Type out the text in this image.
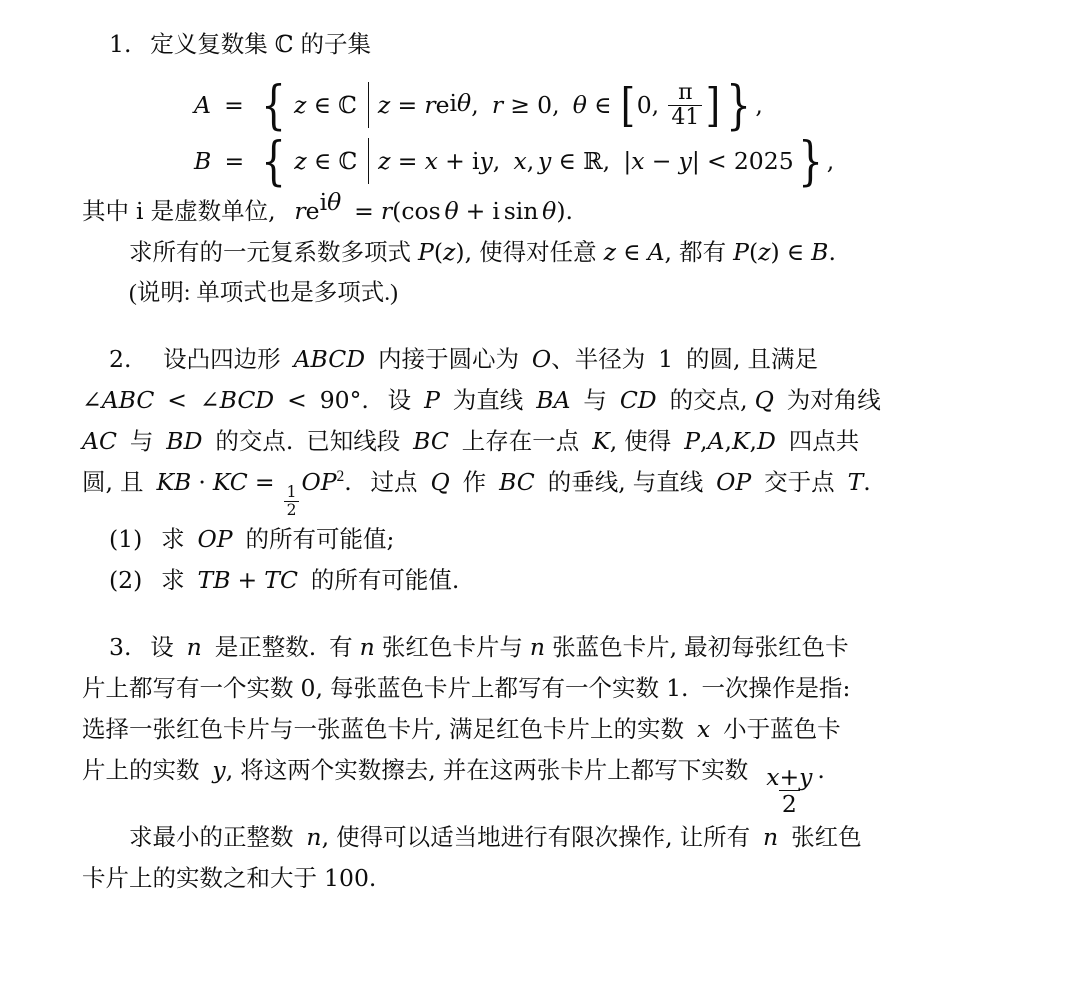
1. 定义复数集 ℂ 的子集
A = { z ∈ ℂ z = r e iθ , r ≥ 0 , θ ∈ [ 0 , $\frac{\pi}{41}$ ] } ,
B = { z ∈ ℂ z = x + i y , x , y ∈ ℝ , | x − y | < 2025 } ,
其中 i 是虚数单位, $re^{i\theta} = r(\cos$ θ + i sin θ).
求所有的一元复系数多项式 P(z), 使得对任意 z ∈ A, 都有 P(z) ∈ B.
(说明: 单项式也是多项式.)
2. 设凸四边形 ABCD 内接于圆心为 O、半径为 1 的圆, 且满足
∠ABC < ∠BCD < 90°. 设 P 为直线 BA 与 CD 的交点, Q 为对角线
AC 与 BD 的交点. 已知线段 BC 上存在一点 K, 使得 P,A,K,D 四点共
圆, 且 KB · KC =
$\frac{1}{2}$
$OP^2$. 过点 Q 作 BC 的垂线, 与直线 OP 交于点 T.
(1) 求 OP 的所有可能值;
(2) 求 TB + TC 的所有可能值.
3. 设 n 是正整数. 有 n 张红色卡片与 n 张蓝色卡片, 最初每张红色卡
片上都写有一个实数 0, 每张蓝色卡片上都写有一个实数 1. 一次操作是指:
选择一张红色卡片与一张蓝色卡片, 满足红色卡片上的实数 x 小于蓝色卡
片上的实数 y, 将这两个实数擦去, 并在这两张卡片上都写下实数 $\frac{x+y}{2}$ .
求最小的正整数 n, 使得可以适当地进行有限次操作, 让所有 n 张红色
卡片上的实数之和大于 100.
